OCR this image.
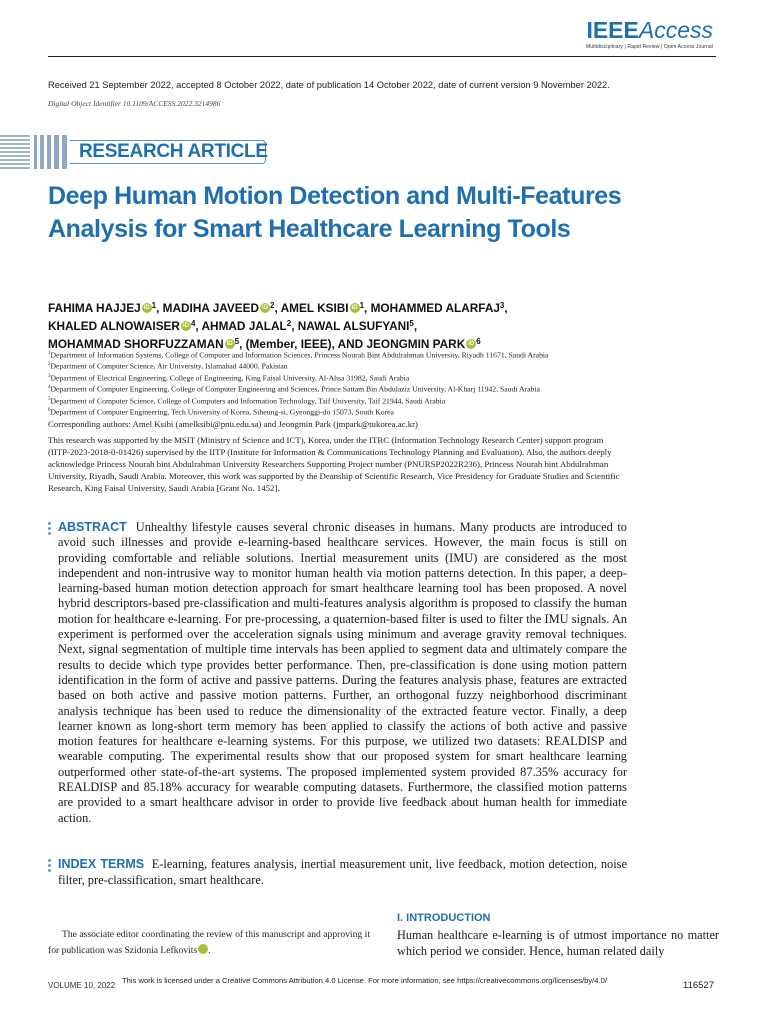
IEEEAccess
Multidisciplinary | Rapid Review | Open Access Journal
Received 21 September 2022, accepted 8 October 2022, date of publication 14 October 2022, date of current version 9 November 2022.
Digital Object Identifier 10.1109/ACCESS.2022.3214986
RESEARCH ARTICLE
Deep Human Motion Detection and Multi-Features Analysis for Smart Healthcare Learning Tools
FAHIMA HAJJEJ iD $^1$, MADIHA JAVEED iD $^2$, AMEL KSIBI iD $^1$, MOHAMMED ALARFAJ$^3$,
KHALED ALNOWAISER iD $^4$, AHMAD JALAL$^2$, NAWAL ALSUFYANI$^5$,
MOHAMMAD SHORFUZZAMAN iD $^5$, (Member, IEEE), AND JEONGMIN PARK iD $^6$
$^1$Department of Information Systems, College of Computer and Information Sciences, Princess Nourah Bint Abdulrahman University, Riyadh 11671, Saudi Arabia
$^2$Department of Computer Science, Air University, Islamabad 44000, Pakistan
$^3$Department of Electrical Engineering, College of Engineering, King Faisal University, Al-Ahsa 31982, Saudi Arabia
$^4$Department of Computer Engineering, College of Computer Engineering and Sciences, Prince Sattam Bin Abdulaziz University, Al-Kharj 11942, Saudi Arabia
$^5$Department of Computer Science, College of Computers and Information Technology, Taif University, Taif 21944, Saudi Arabia
$^6$Department of Computer Engineering, Tech University of Korea, Siheung-si, Gyeonggi-do 15073, South Korea
Corresponding authors: Amel Ksibi (amelksibi@pnu.edu.sa) and Jeongmin Park (jmpark@tukorea.ac.kr)
This research was supported by the MSIT (Ministry of Science and ICT), Korea, under the ITRC (Information Technology Research Center) support program (IITP-2023-2018-0-01426) supervised by the IITP (Institute for Information & Communications Technology Planning and Evaluation). Also, the authors deeply acknowledge Princess Nourah bint Abdulrahman University Researchers Supporting Project number (PNURSP2022R236), Princess Nourah bint Abdulrahman University, Riyadh, Saudi Arabia. Moreover, this work was supported by the Deanship of Scientific Research, Vice Presidency for Graduate Studies and Scientific Research, King Faisal University, Saudi Arabia [Grant No. 1452].
ABSTRACT Unhealthy lifestyle causes several chronic diseases in humans. Many products are introduced to avoid such illnesses and provide e-learning-based healthcare services. However, the main focus is still on providing comfortable and reliable solutions. Inertial measurement units (IMU) are considered as the most independent and non-intrusive way to monitor human health via motion patterns detection. In this paper, a deep-learning-based human motion detection approach for smart healthcare learning tool has been proposed. A novel hybrid descriptors-based pre-classification and multi-features analysis algorithm is proposed to classify the human motion for healthcare e-learning. For pre-processing, a quaternion-based filter is used to filter the IMU signals. An experiment is performed over the acceleration signals using minimum and average gravity removal techniques. Next, signal segmentation of multiple time intervals has been applied to segment data and ultimately compare the results to decide which type provides better performance. Then, pre-classification is done using motion pattern identification in the form of active and passive patterns. During the features analysis phase, features are extracted based on both active and passive motion patterns. Further, an orthogonal fuzzy neighborhood discriminant analysis technique has been used to reduce the dimensionality of the extracted feature vector. Finally, a deep learner known as long-short term memory has been applied to classify the actions of both active and passive motion features for healthcare e-learning systems. For this purpose, we utilized two datasets: REALDISP and wearable computing. The experimental results show that our proposed system for smart healthcare learning outperformed other state-of-the-art systems. The proposed implemented system provided 87.35% accuracy for REALDISP and 85.18% accuracy for wearable computing datasets. Furthermore, the classified motion patterns are provided to a smart healthcare advisor in order to provide live feedback about human health for immediate action.
INDEX TERMS E-learning, features analysis, inertial measurement unit, live feedback, motion detection, noise filter, pre-classification, smart healthcare.
The associate editor coordinating the review of this manuscript and approving it for publication was Szidonia Lefkovits	iD.
I. INTRODUCTION
Human healthcare e-learning is of utmost importance no matter which period we consider. Hence, human related daily
VOLUME 10, 2022
This work is licensed under a Creative Commons Attribution 4.0 License. For more information, see https://creativecommons.org/licenses/by/4.0/	116527
